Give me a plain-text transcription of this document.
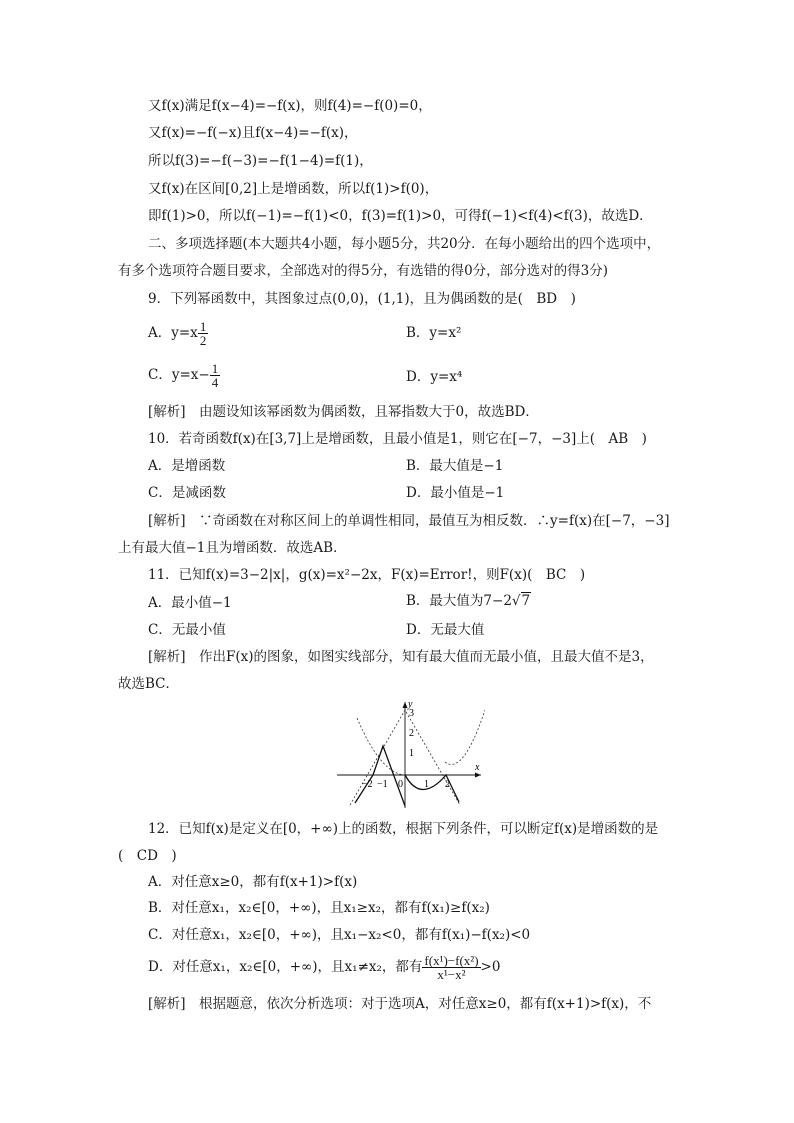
又f(x)满足f(x−4)=−f(x)，则f(4)=−f(0)=0，
又f(x)=−f(−x)且f(x−4)=−f(x)，
所以f(3)=−f(−3)=−f(1−4)=f(1)，
又f(x)在区间[0,2]上是增函数，所以f(1)>f(0)，
即f(1)>0，所以f(−1)=−f(1)<0，f(3)=f(1)>0，可得f(−1)<f(4)<f(3)，故选D．
二、多项选择题(本大题共4小题，每小题5分，共20分．在每小题给出的四个选项中，
有多个选项符合题目要求，全部选对的得5分，有选错的得0分，部分选对的得3分)
9．下列幂函数中，其图象过点(0,0)，(1,1)，且为偶函数的是(　BD　)
A．$y=x \frac{1}{2}$	B．y=x²
C．$y=x- \frac{1}{4}$	D．y=x⁴
[解析]　由题设知该幂函数为偶函数，且幂指数大于0，故选BD．
10．若奇函数f(x)在[3,7]上是增函数，且最小值是1，则它在[−7，−3]上(　AB　)
A．是增函数	B．最大值是−1
C．是减函数	D．最小值是−1
[解析]　∵奇函数在对称区间上的单调性相同，最值互为相反数．∴y=f(x)在[−7，−3]
上有最大值−1且为增函数．故选AB．
11．已知f(x)=3−2|x|，g(x)=x²−2x，F(x)=Error!，则F(x)(　BC　)
A．最小值−1	B．最大值为7−2√7
C．无最小值	D．无最大值
[解析]　作出F(x)的图象，如图实线部分，知有最大值而无最小值，且最大值不是3，
故选BC．
−2 −1 0 1 2
3
2
1
x
y
12．已知f(x)是定义在[0，+∞)上的函数，根据下列条件，可以断定f(x)是增函数的是
(　CD　)
A．对任意x≥0，都有f(x+1)>f(x)
B．对任意x₁，x₂∈[0，+∞)，且x₁≥x₂，都有f(x₁)≥f(x₂)
C．对任意x₁，x₂∈[0，+∞)，且x₁−x₂<0，都有f(x₁)−f(x₂)<0
D．对任意x₁，x₂∈[0，+∞)，且x₁≠x₂，都有 $\frac{\text{f(x¹)−f(x²)}}{\text{x¹−x²}} >0$
[解析]　根据题意，依次分析选项：对于选项A，对任意x≥0，都有f(x+1)>f(x)，不
